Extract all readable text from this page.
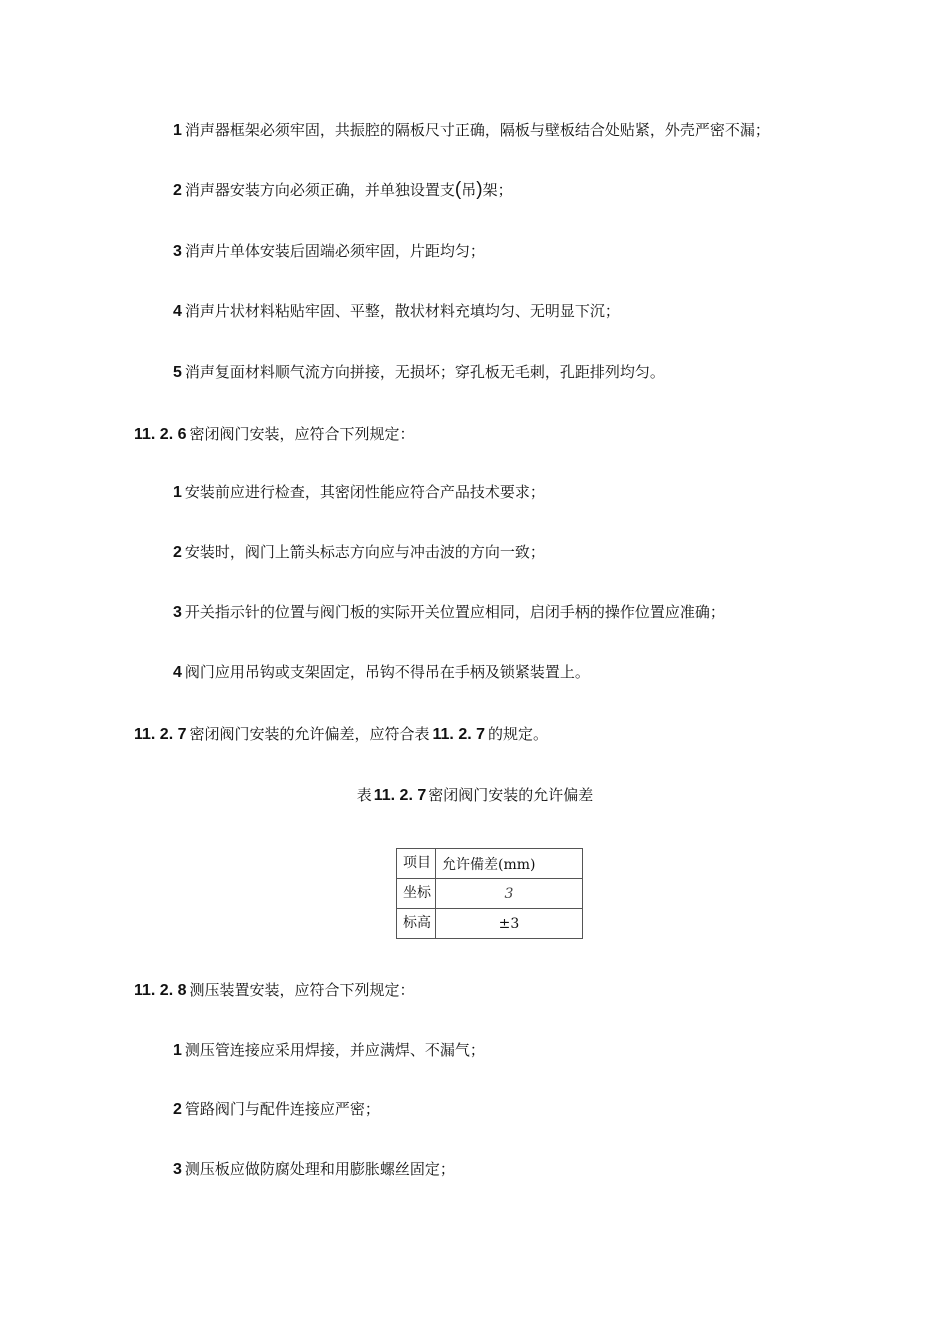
1 消声器框架必须牢固，共振腔的隔板尺寸正确，隔板与壁板结合处贴紧，外壳严密不漏；
2 消声器安装方向必须正确，并单独设置支(吊)架；
3 消声片单体安装后固端必须牢固，片距均匀；
4 消声片状材料粘贴牢固、平整，散状材料充填均匀、无明显下沉；
5 消声复面材料顺气流方向拼接，无损坏；穿孔板无毛刺，孔距排列均匀。
11. 2. 6 密闭阀门安装，应符合下列规定：
1 安装前应进行检查，其密闭性能应符合产品技术要求；
2 安装时，阀门上箭头标志方向应与冲击波的方向一致；
3 开关指示针的位置与阀门板的实际开关位置应相同，启闭手柄的操作位置应准确；
4 阀门应用吊钩或支架固定，吊钩不得吊在手柄及锁紧装置上。
11. 2. 7 密闭阀门安装的允许偏差，应符合表 11. 2. 7 的规定。
表 11. 2. 7 密闭阀门安装的允许偏差
项目	允许備差(mm)

坐标	3

标高	±3
11. 2. 8 测压装置安装，应符合下列规定：
1 测压管连接应采用焊接，并应满焊、不漏气；
2 管路阀门与配件连接应严密；
3 测压板应做防腐处理和用膨胀螺丝固定；
